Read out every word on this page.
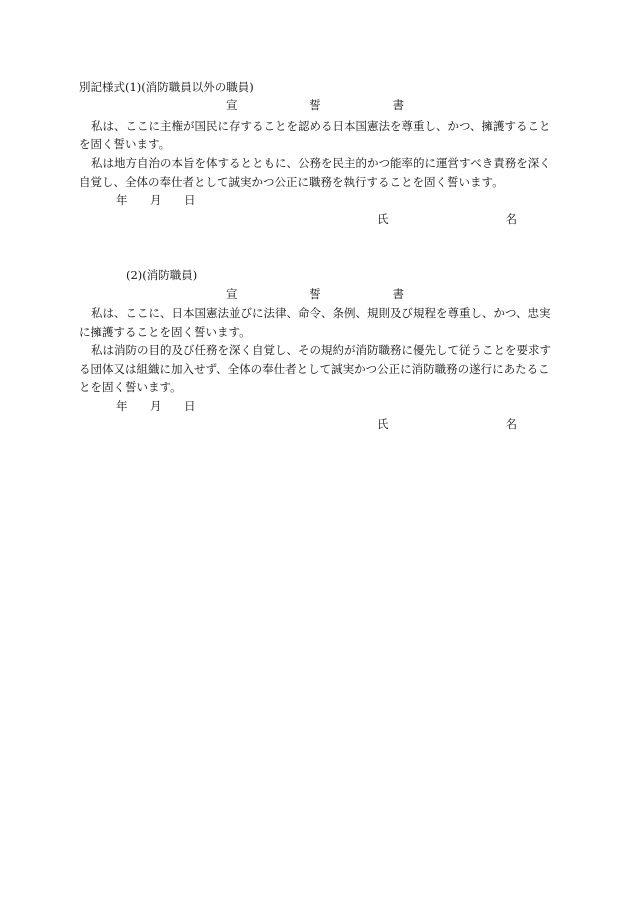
別記様式(1)(消防職員以外の職員)
宣	誓	書
私は、ここに主権が国民に存することを認める日本国憲法を尊重し、かつ、擁護すること
を固く誓います。
私は地方自治の本旨を体するとともに、公務を民主的かつ能率的に運営すべき責務を深く
自覚し、全体の奉仕者として誠実かつ公正に職務を執行することを固く誓います。
年 月 日
氏	名
(2)(消防職員)
宣	誓	書
私は、ここに、日本国憲法並びに法律、命令、条例、規則及び規程を尊重し、かつ、忠実
に擁護することを固く誓います。
私は消防の目的及び任務を深く自覚し、その規約が消防職務に優先して従うことを要求す
る団体又は組織に加入せず、全体の奉仕者として誠実かつ公正に消防職務の遂行にあたるこ
とを固く誓います。
年 月 日
氏	名
